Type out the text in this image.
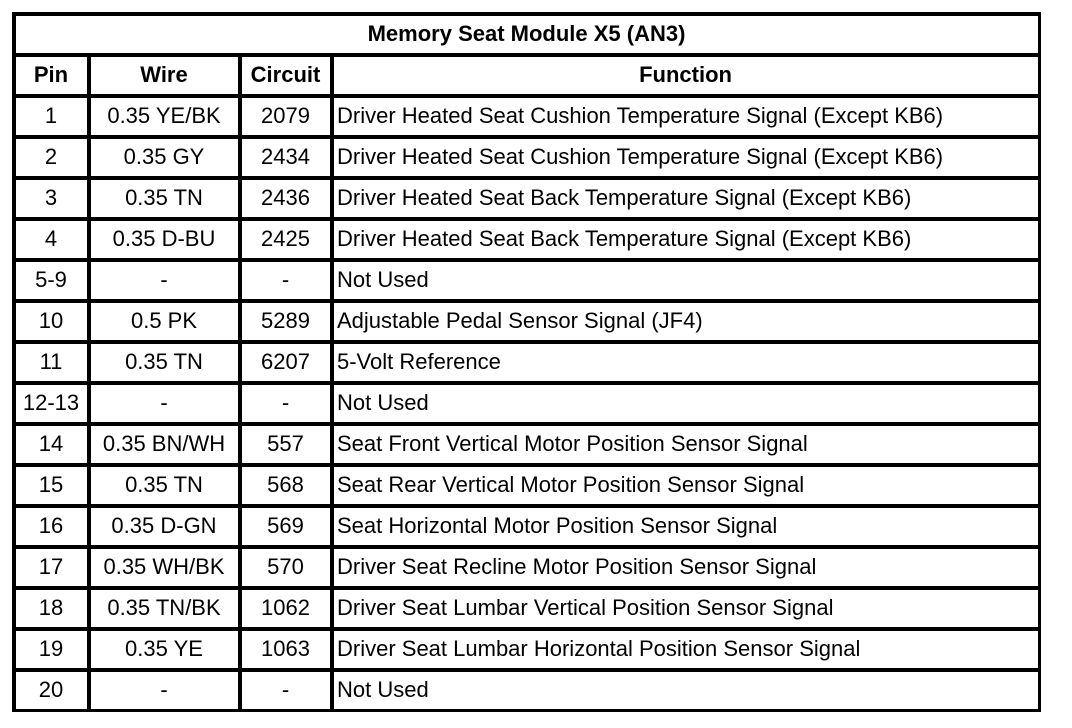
Memory Seat Module X5 (AN3)			
Pin	Wire	Circuit	Function
1	0.35 YE/BK	2079	Driver Heated Seat Cushion Temperature Signal (Except KB6)
2	0.35 GY	2434	Driver Heated Seat Cushion Temperature Signal (Except KB6)
3	0.35 TN	2436	Driver Heated Seat Back Temperature Signal (Except KB6)
4	0.35 D-BU	2425	Driver Heated Seat Back Temperature Signal (Except KB6)
5-9	-	-	Not Used
10	0.5 PK	5289	Adjustable Pedal Sensor Signal (JF4)
11	0.35 TN	6207	5-Volt Reference
12-13	-	-	Not Used
14	0.35 BN/WH	557	Seat Front Vertical Motor Position Sensor Signal
15	0.35 TN	568	Seat Rear Vertical Motor Position Sensor Signal
16	0.35 D-GN	569	Seat Horizontal Motor Position Sensor Signal
17	0.35 WH/BK	570	Driver Seat Recline Motor Position Sensor Signal
18	0.35 TN/BK	1062	Driver Seat Lumbar Vertical Position Sensor Signal
19	0.35 YE	1063	Driver Seat Lumbar Horizontal Position Sensor Signal
20	-	-	Not Used
